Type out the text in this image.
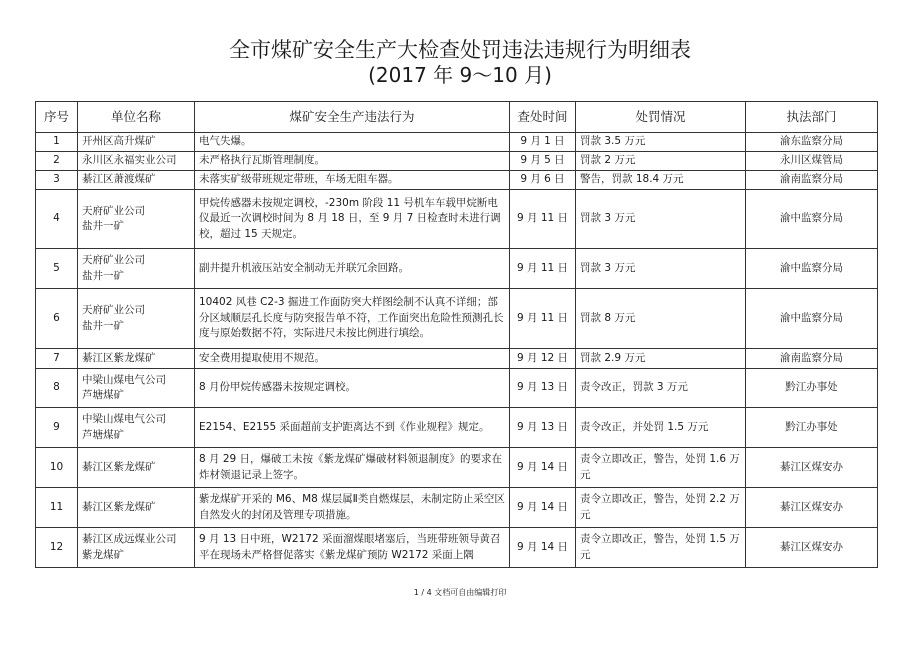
全市煤矿安全生产大检查处罚违法违规行为明细表
(2017 年 9～10 月)
序号	单位名称	煤矿安全生产违法行为	查处时间	处罚情况	执法部门
1	开州区高升煤矿	电气失爆。	9 月 1 日	罚款 3.5 万元	渝东监察分局
2	永川区永福实业公司	未严格执行瓦斯管理制度。	9 月 5 日	罚款 2 万元	永川区煤管局
3	綦江区萧渡煤矿	未落实矿级带班规定带班，车场无阻车器。	9 月 6 日	警告，罚款 18.4 万元	渝南监察分局
4	天府矿业公司
盐井一矿	甲烷传感器未按规定调校，-230m 阶段 11 号机车车载甲烷断电仪最近一次调校时间为 8 月 18 日，至 9 月 7 日检查时未进行调校，超过 15 天规定。	9 月 11 日	罚款 3 万元	渝中监察分局
5	天府矿业公司
盐井一矿	副井提升机液压站安全制动无并联冗余回路。	9 月 11 日	罚款 3 万元	渝中监察分局
6	天府矿业公司
盐井一矿	10402 风巷 C2-3 掘进工作面防突大样图绘制不认真不详细；部分区域顺层孔长度与防突报告单不符，工作面突出危险性预测孔长度与原始数据不符，实际进尺未按比例进行填绘。	9 月 11 日	罚款 8 万元	渝中监察分局
7	綦江区紫龙煤矿	安全费用提取使用不规范。	9 月 12 日	罚款 2.9 万元	渝南监察分局
8	中梁山煤电气公司
芦塘煤矿	8 月份甲烷传感器未按规定调校。	9 月 13 日	责令改正，罚款 3 万元	黔江办事处
9	中梁山煤电气公司
芦塘煤矿	E2154、E2155 采面超前支护距离达不到《作业规程》规定。	9 月 13 日	责令改正，并处罚 1.5 万元	黔江办事处
10	綦江区紫龙煤矿	8 月 29 日，爆破工未按《紫龙煤矿爆破材料领退制度》的要求在炸材领退记录上签字。	9 月 14 日	责令立即改正，警告，处罚 1.6 万元	綦江区煤安办
11	綦江区紫龙煤矿	紫龙煤矿开采的 M6、M8 煤层属Ⅱ类自燃煤层，未制定防止采空区自然发火的封闭及管理专项措施。	9 月 14 日	责令立即改正，警告，处罚 2.2 万元	綦江区煤安办
12	綦江区成远煤业公司
紫龙煤矿	9 月 13 日中班，W2172 采面溜煤眼堵塞后，当班带班领导黄召平在现场未严格督促落实《紫龙煤矿预防 W2172 采面上隅	9 月 14 日	责令立即改正，警告，处罚 1.5 万元	綦江区煤安办
1 / 4 文档可自由编辑打印
